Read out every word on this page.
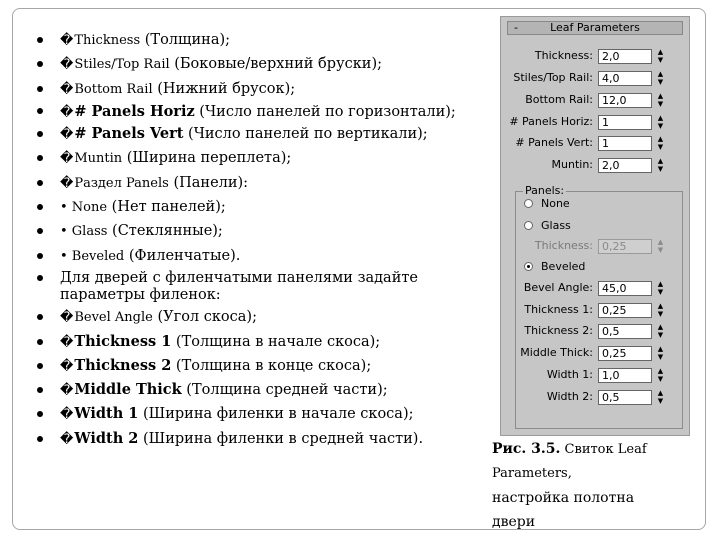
�Thickness (Толщина);
�Stiles/Top Rail (Боковые/верхний бруски);
�Bottom Rail (Нижний брусок);
�# Panels Horiz (Число панелей по горизонтали);
�# Panels Vert (Число панелей по вертикали);
�Muntin (Ширина переплета);
�Раздел Panels (Панели):
• None (Нет панелей);
• Glass (Стеклянные);
• Beveled (Филенчатые).
Для дверей с филенчатыми панелями задайте параметры филенок:
�Bevel Angle (Угол скоса);
�Thickness 1 (Толщина в начале скоса);
�Thickness 2 (Толщина в конце скоса);
�Middle Thick (Толщина средней части);
�Width 1 (Ширина филенки в начале скоса);
�Width 2 (Ширина филенки в средней части).
-	Leaf Parameters
Thickness: 2,0	▲
▼
Stiles/Top Rail: 4,0	▲
▼
Bottom Rail: 12,0	▲
▼
# Panels Horiz: 1	▲
▼
# Panels Vert: 1	▲
▼
Muntin: 2,0	▲
▼
Panels:
None
Glass
Thickness: 0,25	▲
▼
Beveled
Bevel Angle: 45,0	▲
▼
Thickness 1: 0,25	▲
▼
Thickness 2: 0,5	▲
▼
Middle Thick: 0,25	▲
▼
Width 1: 1,0	▲
▼
Width 2: 0,5	▲
▼
Рис. 3.5. Свиток Leaf
Parameters,
настройка полотна
двери
